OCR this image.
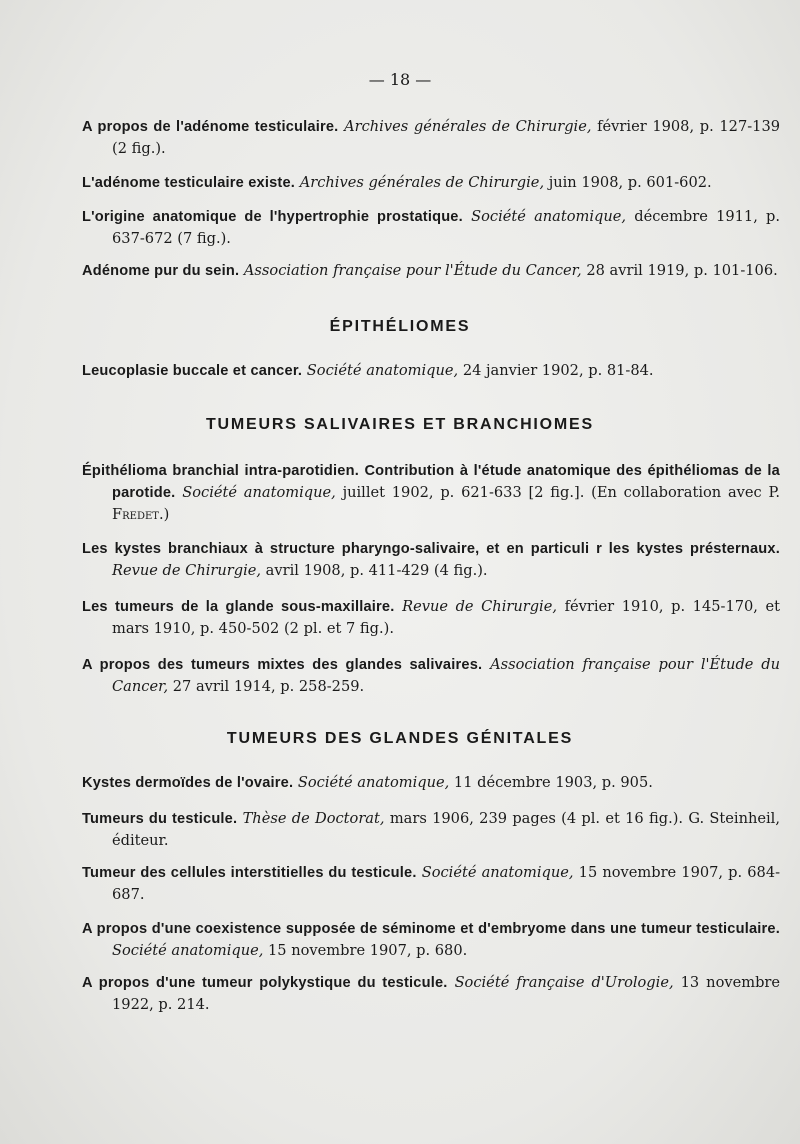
— 18 —
A propos de l'adénome testiculaire. Archives générales de Chirurgie, février 1908, p. 127-139 (2 fig.).
L'adénome testiculaire existe. Archives générales de Chirurgie, juin 1908, p. 601-602.
L'origine anatomique de l'hypertrophie prostatique. Société anatomique, décembre 1911, p. 637-672 (7 fig.).
Adénome pur du sein. Association française pour l'Étude du Cancer, 28 avril 1919, p. 101-106.
ÉPITHÉLIOMES
Leucoplasie buccale et cancer. Société anatomique, 24 janvier 1902, p. 81-84.
TUMEURS SALIVAIRES ET BRANCHIOMES
Épithélioma branchial intra-parotidien. Contribution à l'étude anatomique des épithéliomas de la parotide. Société anatomique, juillet 1902, p. 621-633 [2 fig.]. (En collaboration avec P. Fredet.)
Les kystes branchiaux à structure pharyngo-salivaire, et en particuli r les kystes présternaux. Revue de Chirurgie, avril 1908, p. 411-429 (4 fig.).
Les tumeurs de la glande sous-maxillaire. Revue de Chirurgie, février 1910, p. 145-170, et mars 1910, p. 450-502 (2 pl. et 7 fig.).
A propos des tumeurs mixtes des glandes salivaires. Association française pour l'Étude du Cancer, 27 avril 1914, p. 258-259.
TUMEURS DES GLANDES GÉNITALES
Kystes dermoïdes de l'ovaire. Société anatomique, 11 décembre 1903, p. 905.
Tumeurs du testicule. Thèse de Doctorat, mars 1906, 239 pages (4 pl. et 16 fig.). G. Steinheil, éditeur.
Tumeur des cellules interstitielles du testicule. Société anatomique, 15 novembre 1907, p. 684-687.
A propos d'une coexistence supposée de séminome et d'embryome dans une tumeur testiculaire. Société anatomique, 15 novembre 1907, p. 680.
A propos d'une tumeur polykystique du testicule. Société française d'Urologie, 13 novembre 1922, p. 214.
